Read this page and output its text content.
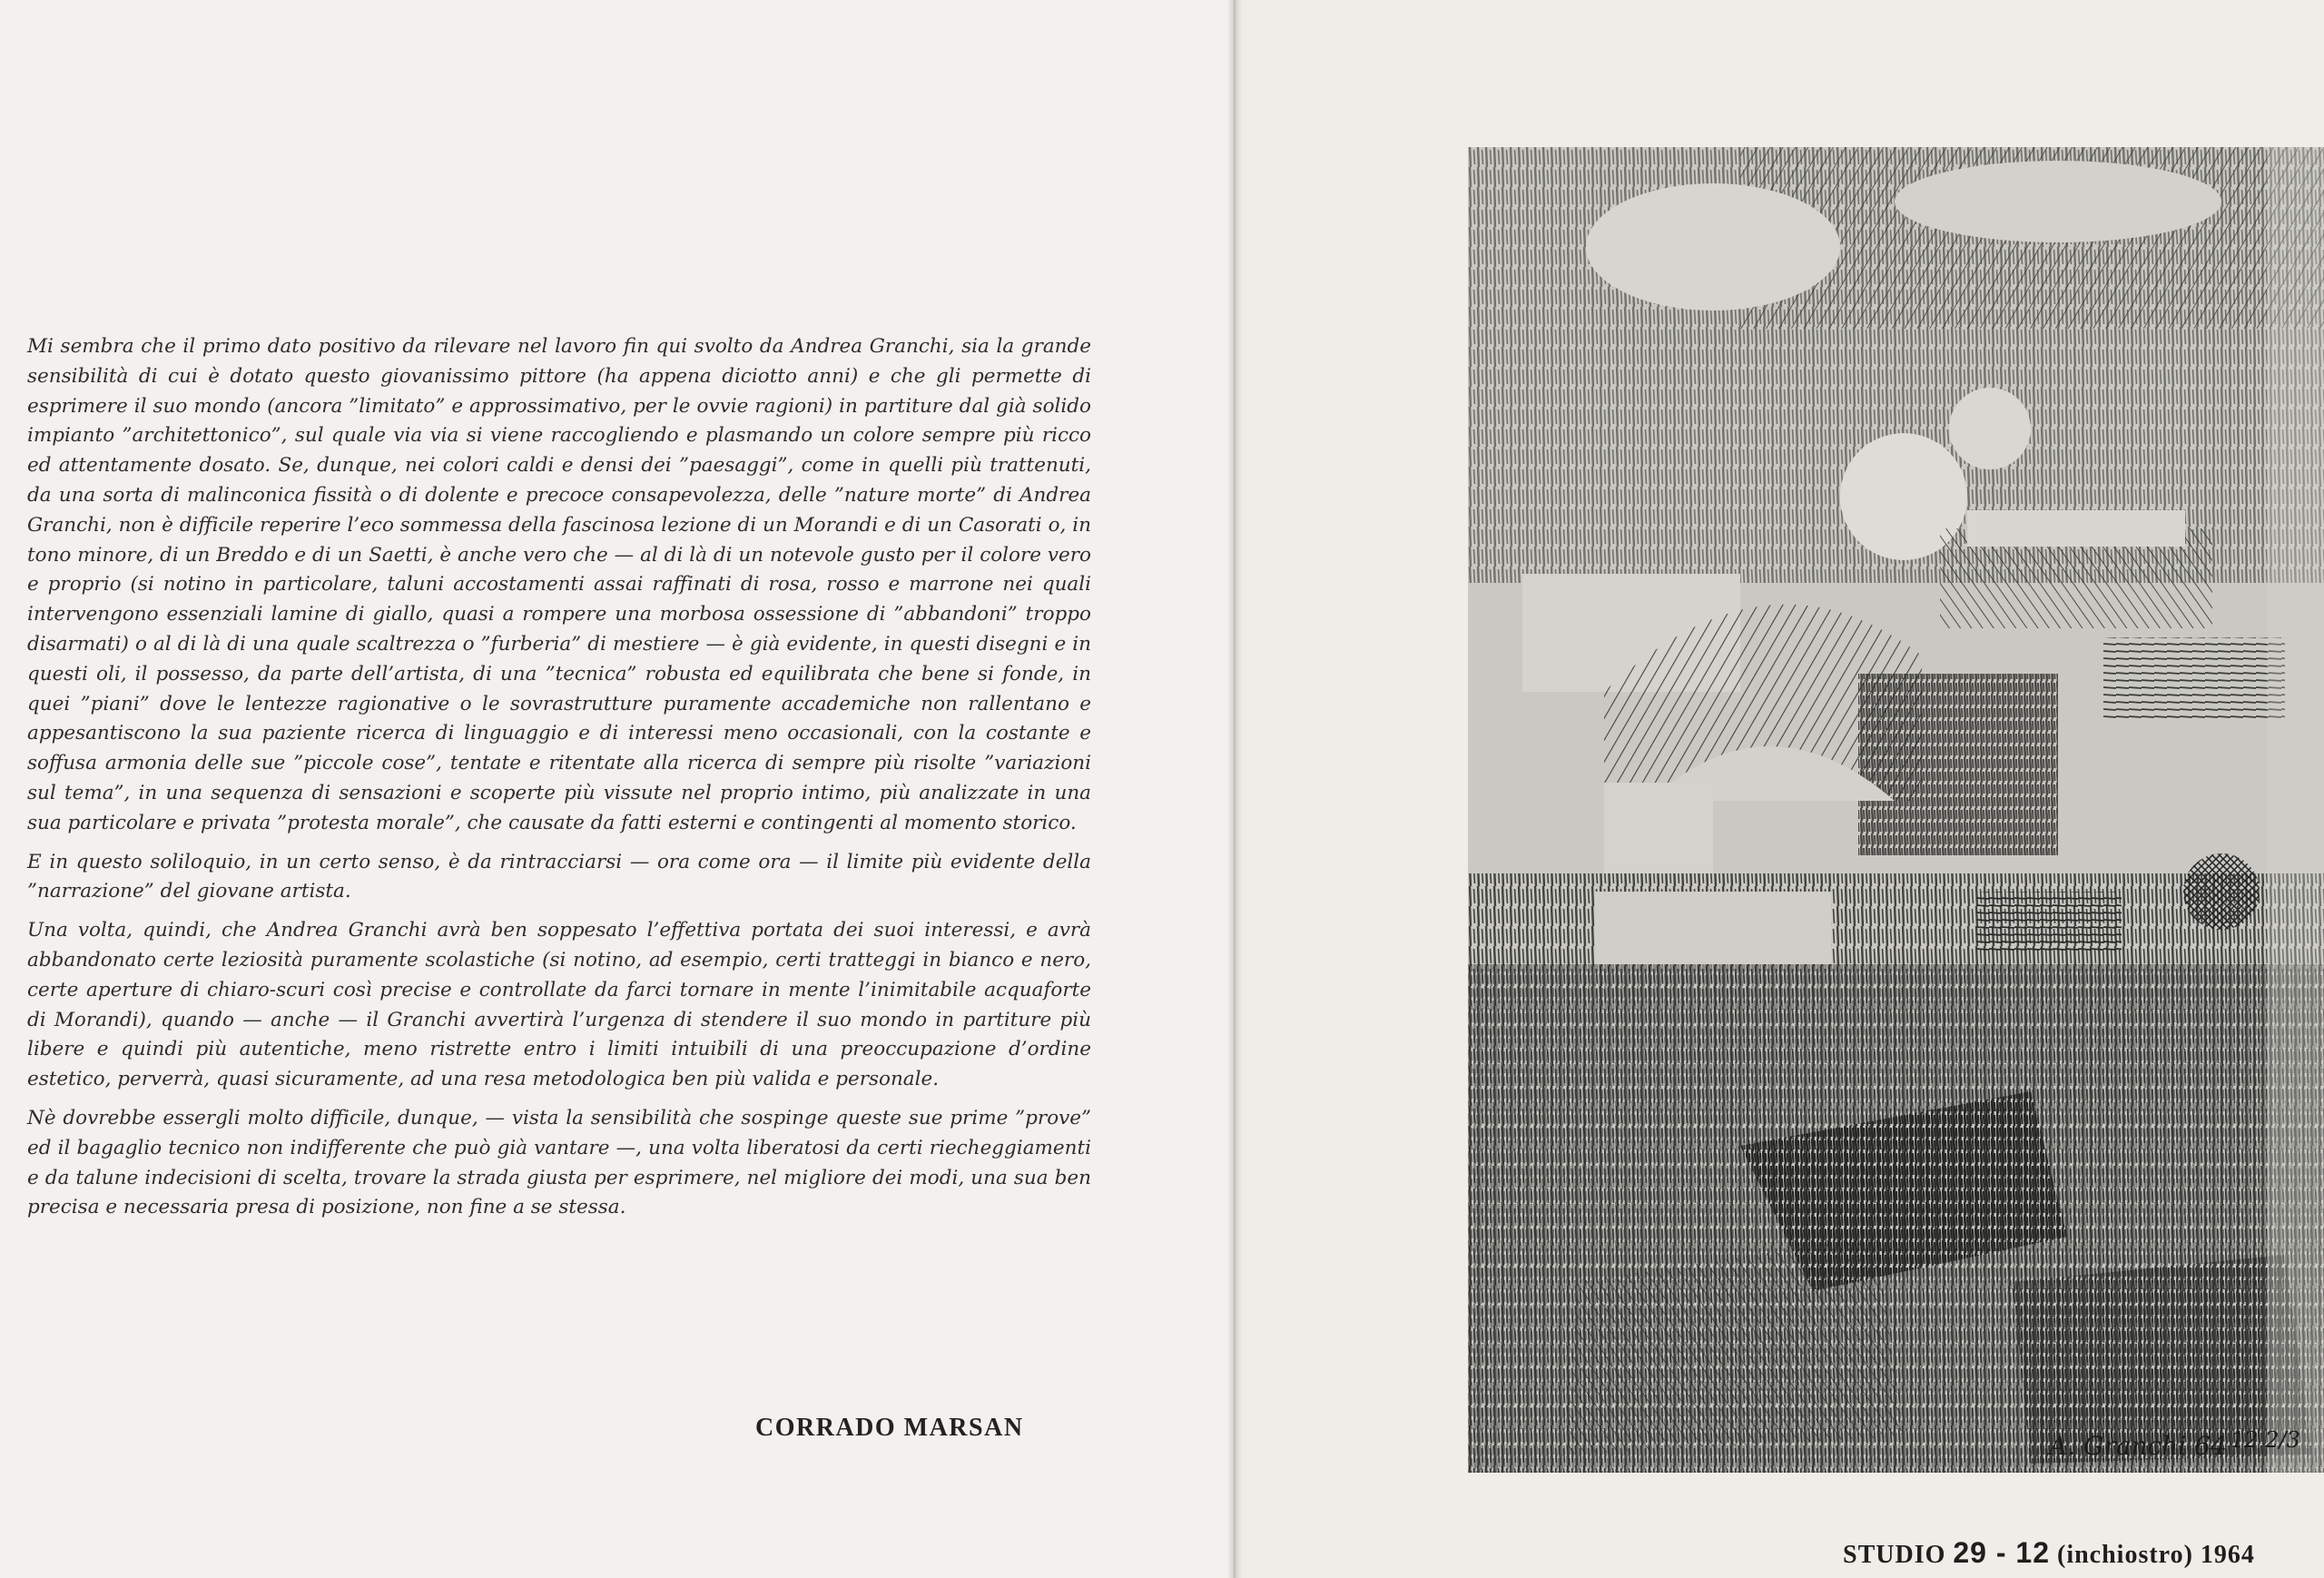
Mi sembra che il primo dato positivo da rilevare nel lavoro fin qui svolto da Andrea Granchi, sia la grande sensibilità di cui è dotato questo giovanissimo pittore (ha appena diciotto anni) e che gli permette di esprimere il suo mondo (ancora ”limitato” e approssimativo, per le ovvie ragioni) in partiture dal già solido impianto ”architettonico”, sul quale via via si viene raccogliendo e plasmando un colore sempre più ricco ed attentamente dosato. Se, dunque, nei colori caldi e densi dei ”paesaggi”, come in quelli più trattenuti, da una sorta di malinconica fissità o di dolente e precoce consapevolezza, delle ”nature morte” di Andrea Granchi, non è difficile reperire l’eco sommessa della fascinosa lezione di un Morandi e di un Casorati o, in tono minore, di un Breddo e di un Saetti, è anche vero che — al di là di un notevole gusto per il colore vero e proprio (si notino in particolare, taluni accostamenti assai raffinati di rosa, rosso e marrone nei quali intervengono essenziali lamine di giallo, quasi a rompere una morbosa ossessione di ”abbandoni” troppo disarmati) o al di là di una quale scaltrezza o ”furberia” di mestiere — è già evidente, in questi disegni e in questi oli, il possesso, da parte dell’artista, di una ”tecnica” robusta ed equilibrata che bene si fonde, in quei ”piani” dove le lentezze ragionative o le sovrastrutture puramente accademiche non rallentano e appesantiscono la sua paziente ricerca di linguaggio e di interessi meno occasionali, con la costante e soffusa armonia delle sue ”piccole cose”, tentate e ritentate alla ricerca di sempre più risolte ”variazioni sul tema”, in una sequenza di sensazioni e scoperte più vissute nel proprio intimo, più analizzate in una sua particolare e privata ”protesta morale”, che causate da fatti esterni e contingenti al momento storico.

E in questo soliloquio, in un certo senso, è da rintracciarsi — ora come ora — il limite più evidente della ”narrazione” del giovane artista.

Una volta, quindi, che Andrea Granchi avrà ben soppesato l’effettiva portata dei suoi interessi, e avrà abbandonato certe leziosità puramente scolastiche (si notino, ad esempio, certi tratteggi in bianco e nero, certe aperture di chiaro-scuri così precise e controllate da farci tornare in mente l’inimitabile acquaforte di Morandi), quando — anche — il Granchi avvertirà l’urgenza di stendere il suo mondo in partiture più libere e quindi più autentiche, meno ristrette entro i limiti intuibili di una preoccupazione d’ordine estetico, perverrà, quasi sicuramente, ad una resa metodologica ben più valida e personale.

Nè dovrebbe essergli molto difficile, dunque, — vista la sensibilità che sospinge queste sue prime ”prove” ed il bagaglio tecnico non indifferente che può già vantare —, una volta liberatosi da certi riecheggiamenti e da talune indecisioni di scelta, trovare la strada giusta per esprimere, nel migliore dei modi, una sua ben precisa e necessaria presa di posizione, non fine a se stessa.

CORRADO MARSAN
A. Granchi 64 12 2/3
STUDIO 29 - 12 (inchiostro) 1964
